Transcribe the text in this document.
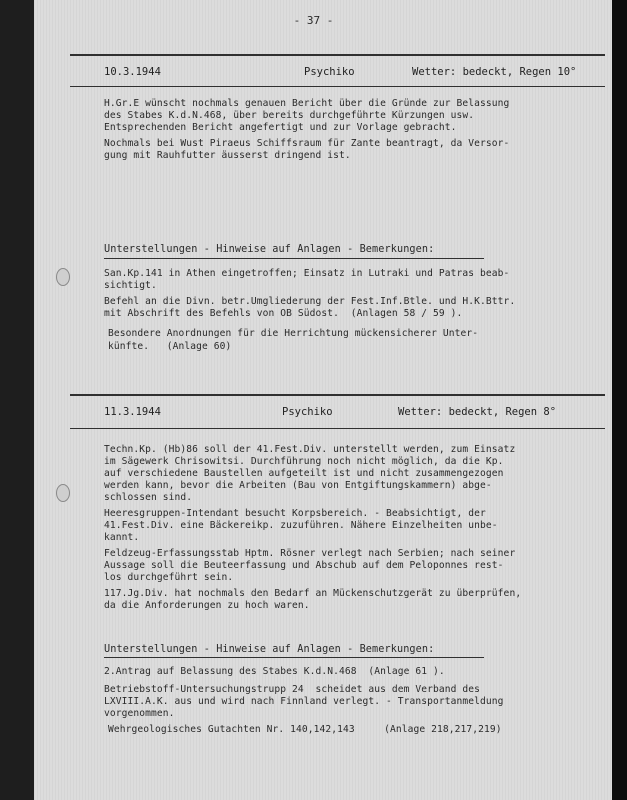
- 37 -
10.3.1944	Psychiko	Wetter: bedeckt, Regen 10°

H.Gr.E wünscht nochmals genauen Bericht über die Gründe zur Belassung

des Stabes K.d.N.468, über bereits durchgeführte Kürzungen usw.

Entsprechenden Bericht angefertigt und zur Vorlage gebracht.

Nochmals bei Wust Piraeus Schiffsraum für Zante beantragt, da Versor-

gung mit Rauhfutter äusserst dringend ist.

Unterstellungen - Hinweise auf Anlagen - Bemerkungen:

San.Kp.141 in Athen eingetroffen; Einsatz in Lutraki und Patras beab-

sichtigt.

Befehl an die Divn. betr.Umgliederung der Fest.Inf.Btle. und H.K.Bttr.

mit Abschrift des Befehls von OB Südost.  (Anlagen 58 / 59 ).

Besondere Anordnungen für die Herrichtung mückensicherer Unter-

künfte.   (Anlage 60)

11.3.1944	Psychiko	Wetter: bedeckt, Regen 8°

Techn.Kp. (Hb)86 soll der 41.Fest.Div. unterstellt werden, zum Einsatz

im Sägewerk Chrisowitsi. Durchführung noch nicht möglich, da die Kp.

auf verschiedene Baustellen aufgeteilt ist und nicht zusammengezogen

werden kann, bevor die Arbeiten (Bau von Entgiftungskammern) abge-

schlossen sind.

Heeresgruppen-Intendant besucht Korpsbereich. - Beabsichtigt, der

41.Fest.Div. eine Bäckereikp. zuzuführen. Nähere Einzelheiten unbe-

kannt.

Feldzeug-Erfassungsstab Hptm. Rösner verlegt nach Serbien; nach seiner

Aussage soll die Beuteerfassung und Abschub auf dem Peloponnes rest-

los durchgeführt sein.

117.Jg.Div. hat nochmals den Bedarf an Mückenschutzgerät zu überprüfen,

da die Anforderungen zu hoch waren.

Unterstellungen - Hinweise auf Anlagen - Bemerkungen:

2.Antrag auf Belassung des Stabes K.d.N.468  (Anlage 61 ).

Betriebstoff-Untersuchungstrupp 24  scheidet aus dem Verband des

LXVIII.A.K. aus und wird nach Finnland verlegt. - Transportanmeldung

vorgenommen.

Wehrgeologisches Gutachten Nr. 140,142,143     (Anlage 218,217,219)
